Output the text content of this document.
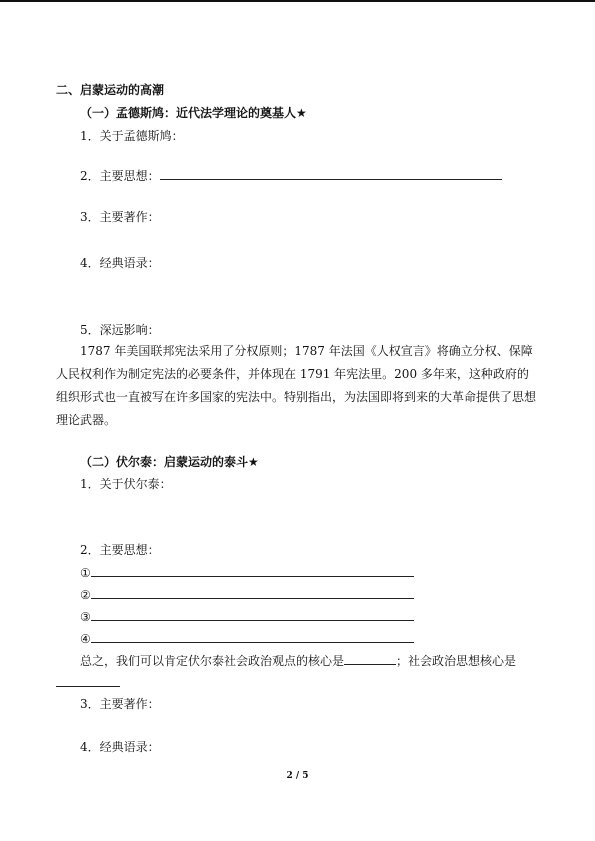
二、启蒙运动的高潮
（一）孟德斯鸠：近代法学理论的奠基人★
1．关于孟德斯鸠：
2．主要思想：
3．主要著作：
4．经典语录：
5．深远影响：
1787 年美国联邦宪法采用了分权原则；1787 年法国《人权宣言》将确立分权、保障人民权利作为制定宪法的必要条件，并体现在 1791 年宪法里。200 多年来，这种政府的组织形式也一直被写在许多国家的宪法中。特别指出，为法国即将到来的大革命提供了思想理论武器。
（二）伏尔泰：启蒙运动的泰斗★
1．关于伏尔泰：
2．主要思想：
①
②
③
④
总之，我们可以肯定伏尔泰社会政治观点的核心是	；社会政治思想核心是
3．主要著作：
4．经典语录：
2 / 5
